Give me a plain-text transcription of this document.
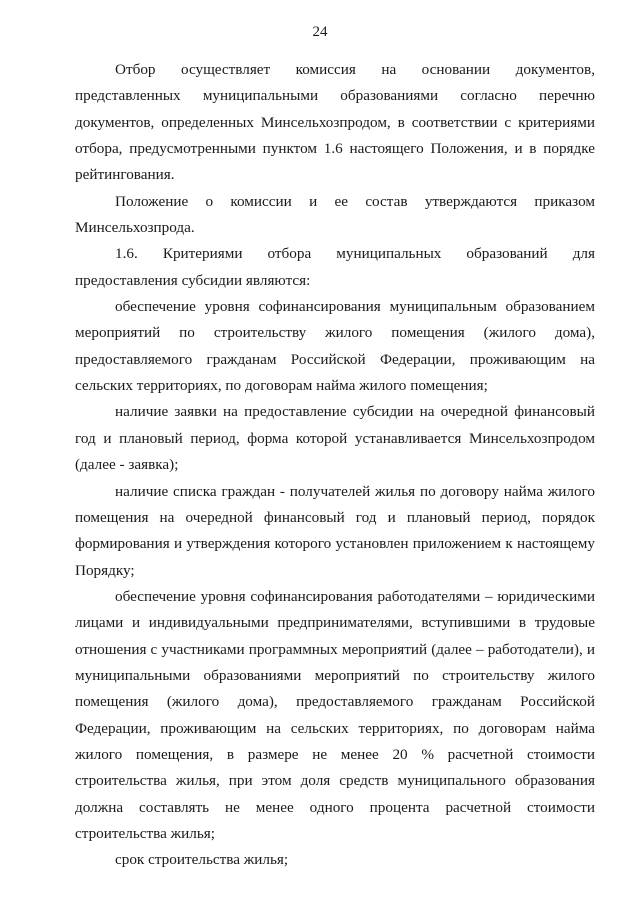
24

Отбор осуществляет комиссия на основании документов, представленных муниципальными образованиями согласно перечню документов, определенных Минсельхозпродом, в соответствии с критериями отбора, предусмотренными пунктом 1.6 настоящего Положения, и в порядке рейтингования.

Положение о комиссии и ее состав утверждаются приказом Минсельхозпрода.

1.6. Критериями отбора муниципальных образований для предоставления субсидии являются:

обеспечение уровня софинансирования муниципальным образованием мероприятий по строительству жилого помещения (жилого дома), предоставляемого гражданам Российской Федерации, проживающим на сельских территориях, по договорам найма жилого помещения;

наличие заявки на предоставление субсидии на очередной финансовый год и плановый период, форма которой устанавливается Минсельхозпродом (далее - заявка);

наличие списка граждан - получателей жилья по договору найма жилого помещения на очередной финансовый год и плановый период, порядок формирования и утверждения которого установлен приложением к настоящему Порядку;

обеспечение уровня софинансирования работодателями – юридическими лицами и индивидуальными предпринимателями, вступившими в трудовые отношения с участниками программных мероприятий (далее – работодатели), и муниципальными образованиями мероприятий по строительству жилого помещения (жилого дома), предоставляемого гражданам Российской Федерации, проживающим на сельских территориях, по договорам найма жилого помещения, в размере не менее 20 % расчетной стоимости строительства жилья, при этом доля средств муниципального образования должна составлять не менее одного процента расчетной стоимости строительства жилья;

срок строительства жилья;
